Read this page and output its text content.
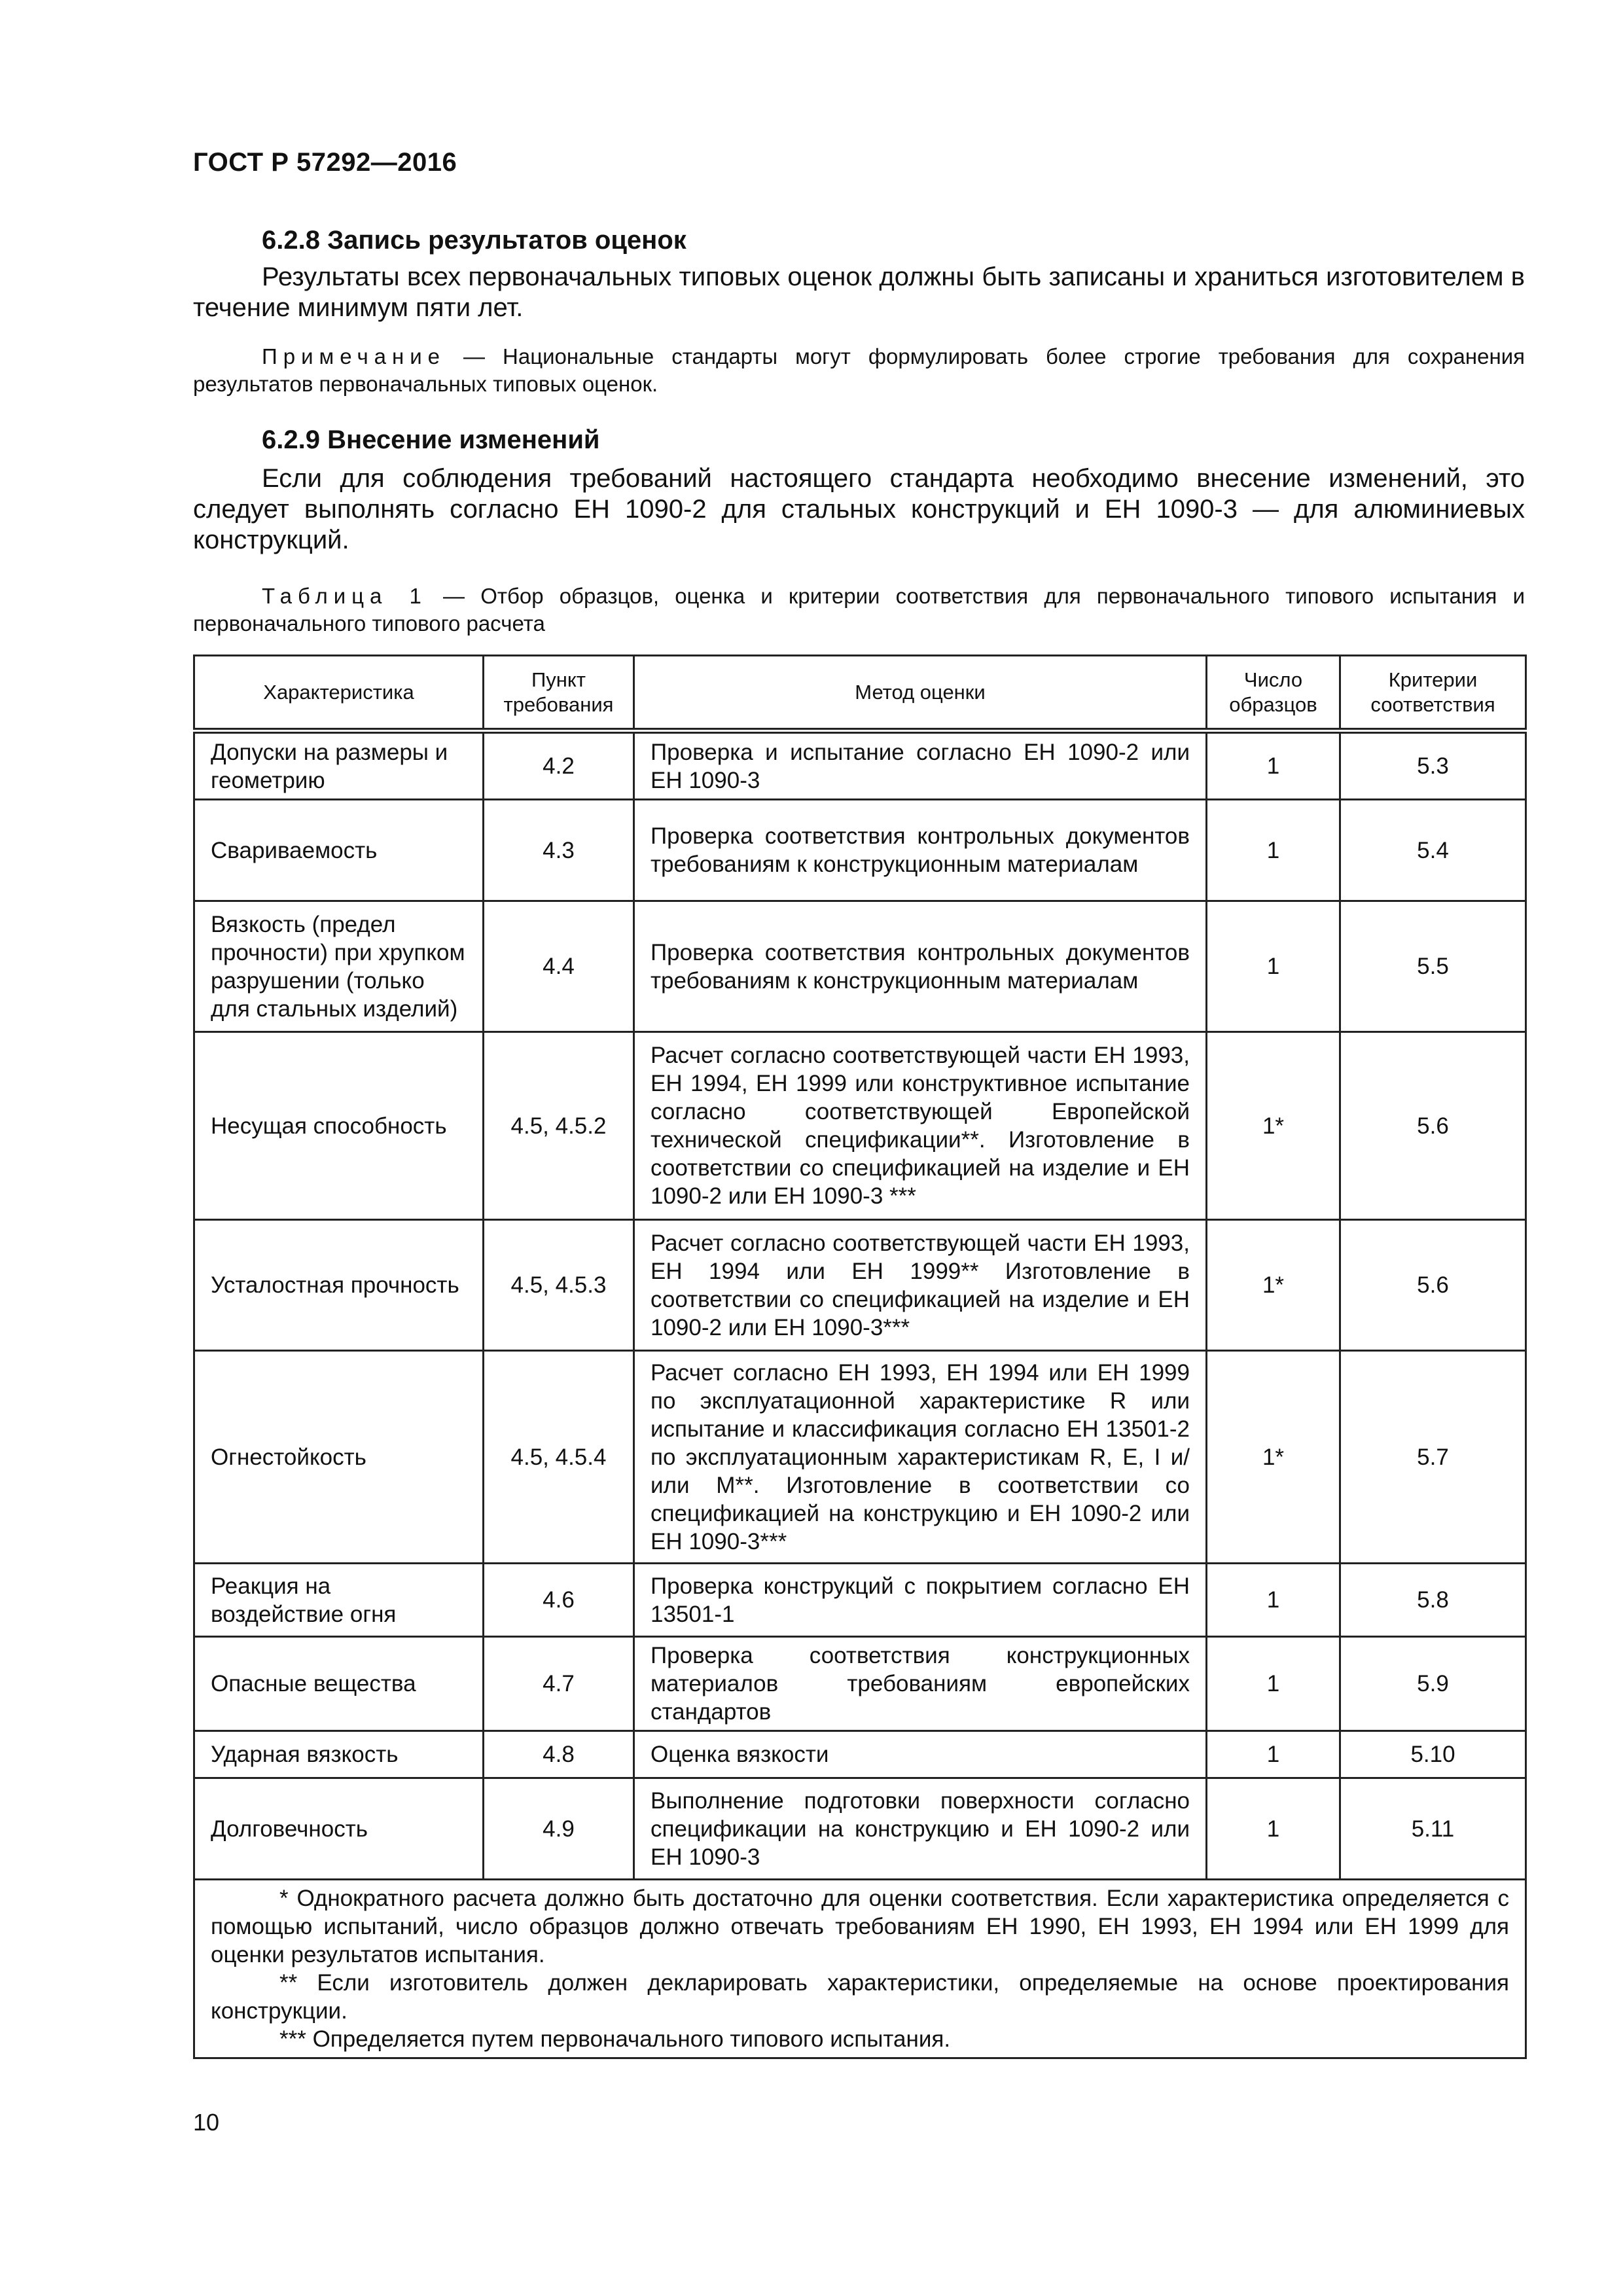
ГОСТ Р 57292—2016
6.2.8 Запись результатов оценок

Результаты всех первоначальных типовых оценок должны быть записаны и храниться изготовителем в течение минимум пяти лет.

Примечание — Национальные стандарты могут формулировать более строгие требования для сохранения результатов первоначальных типовых оценок.

6.2.9 Внесение изменений

Если для соблюдения требований настоящего стандарта необходимо внесение изменений, это следует выполнять согласно ЕН 1090-2 для стальных конструкций и ЕН 1090-3 — для алюминиевых конструкций.

Таблица 1 — Отбор образцов, оценка и критерии соответствия для первоначального типового испытания и первоначального типового расчета

Характеристика	Пункт требования	Метод оценки	Число образцов	Критерии соответствия
Допуски на размеры и геометрию	4.2	Проверка и испытание согласно ЕН 1090-2 или ЕН 1090-3	1	5.3
Свариваемость	4.3	Проверка соответствия контрольных документов требованиям к конструкционным материалам	1	5.4
Вязкость (предел прочности) при хрупком разрушении (только для стальных изделий)	4.4	Проверка соответствия контрольных документов требованиям к конструкционным материалам	1	5.5
Несущая способность	4.5, 4.5.2	Расчет согласно соответствующей части ЕН 1993, ЕН 1994, ЕН 1999 или конструктивное испытание согласно соответствующей Европейской технической спецификации**. Изготовление в соответствии со спецификацией на изделие и ЕН 1090-2 или ЕН 1090-3 ***	1*	5.6
Усталостная прочность	4.5, 4.5.3	Расчет согласно соответствующей части ЕН 1993, ЕН 1994 или ЕН 1999** Изготовление в соответствии со спецификацией на изделие и ЕН 1090-2 или ЕН 1090-3***	1*	5.6
Огнестойкость	4.5, 4.5.4	Расчет согласно ЕН 1993, ЕН 1994 или ЕН 1999 по эксплуатационной характеристике R или испытание и классификация согласно ЕН 13501-2 по эксплуатационным характеристикам R, E, I и/или М**. Изготовление в соответствии со спецификацией на конструкцию и ЕН 1090-2 или ЕН 1090-3***	1*	5.7
Реакция на воздействие огня	4.6	Проверка конструкций с покрытием согласно ЕН 13501-1	1	5.8
Опасные вещества	4.7	Проверка соответствия конструкционных материалов требованиям европейских стандартов	1	5.9
Ударная вязкость	4.8	Оценка вязкости	1	5.10
Долговечность	4.9	Выполнение подготовки поверхности согласно спецификации на конструкцию и ЕН 1090-2 или ЕН 1090-3	1	5.11

* Однократного расчета должно быть достаточно для оценки соответствия. Если характеристика определяется с помощью испытаний, число образцов должно отвечать требованиям ЕН 1990, ЕН 1993, ЕН 1994 или ЕН 1999 для оценки результатов испытания.
** Если изготовитель должен декларировать характеристики, определяемые на основе проектирования конструкции.
*** Определяется путем первоначального типового испытания.				
10
